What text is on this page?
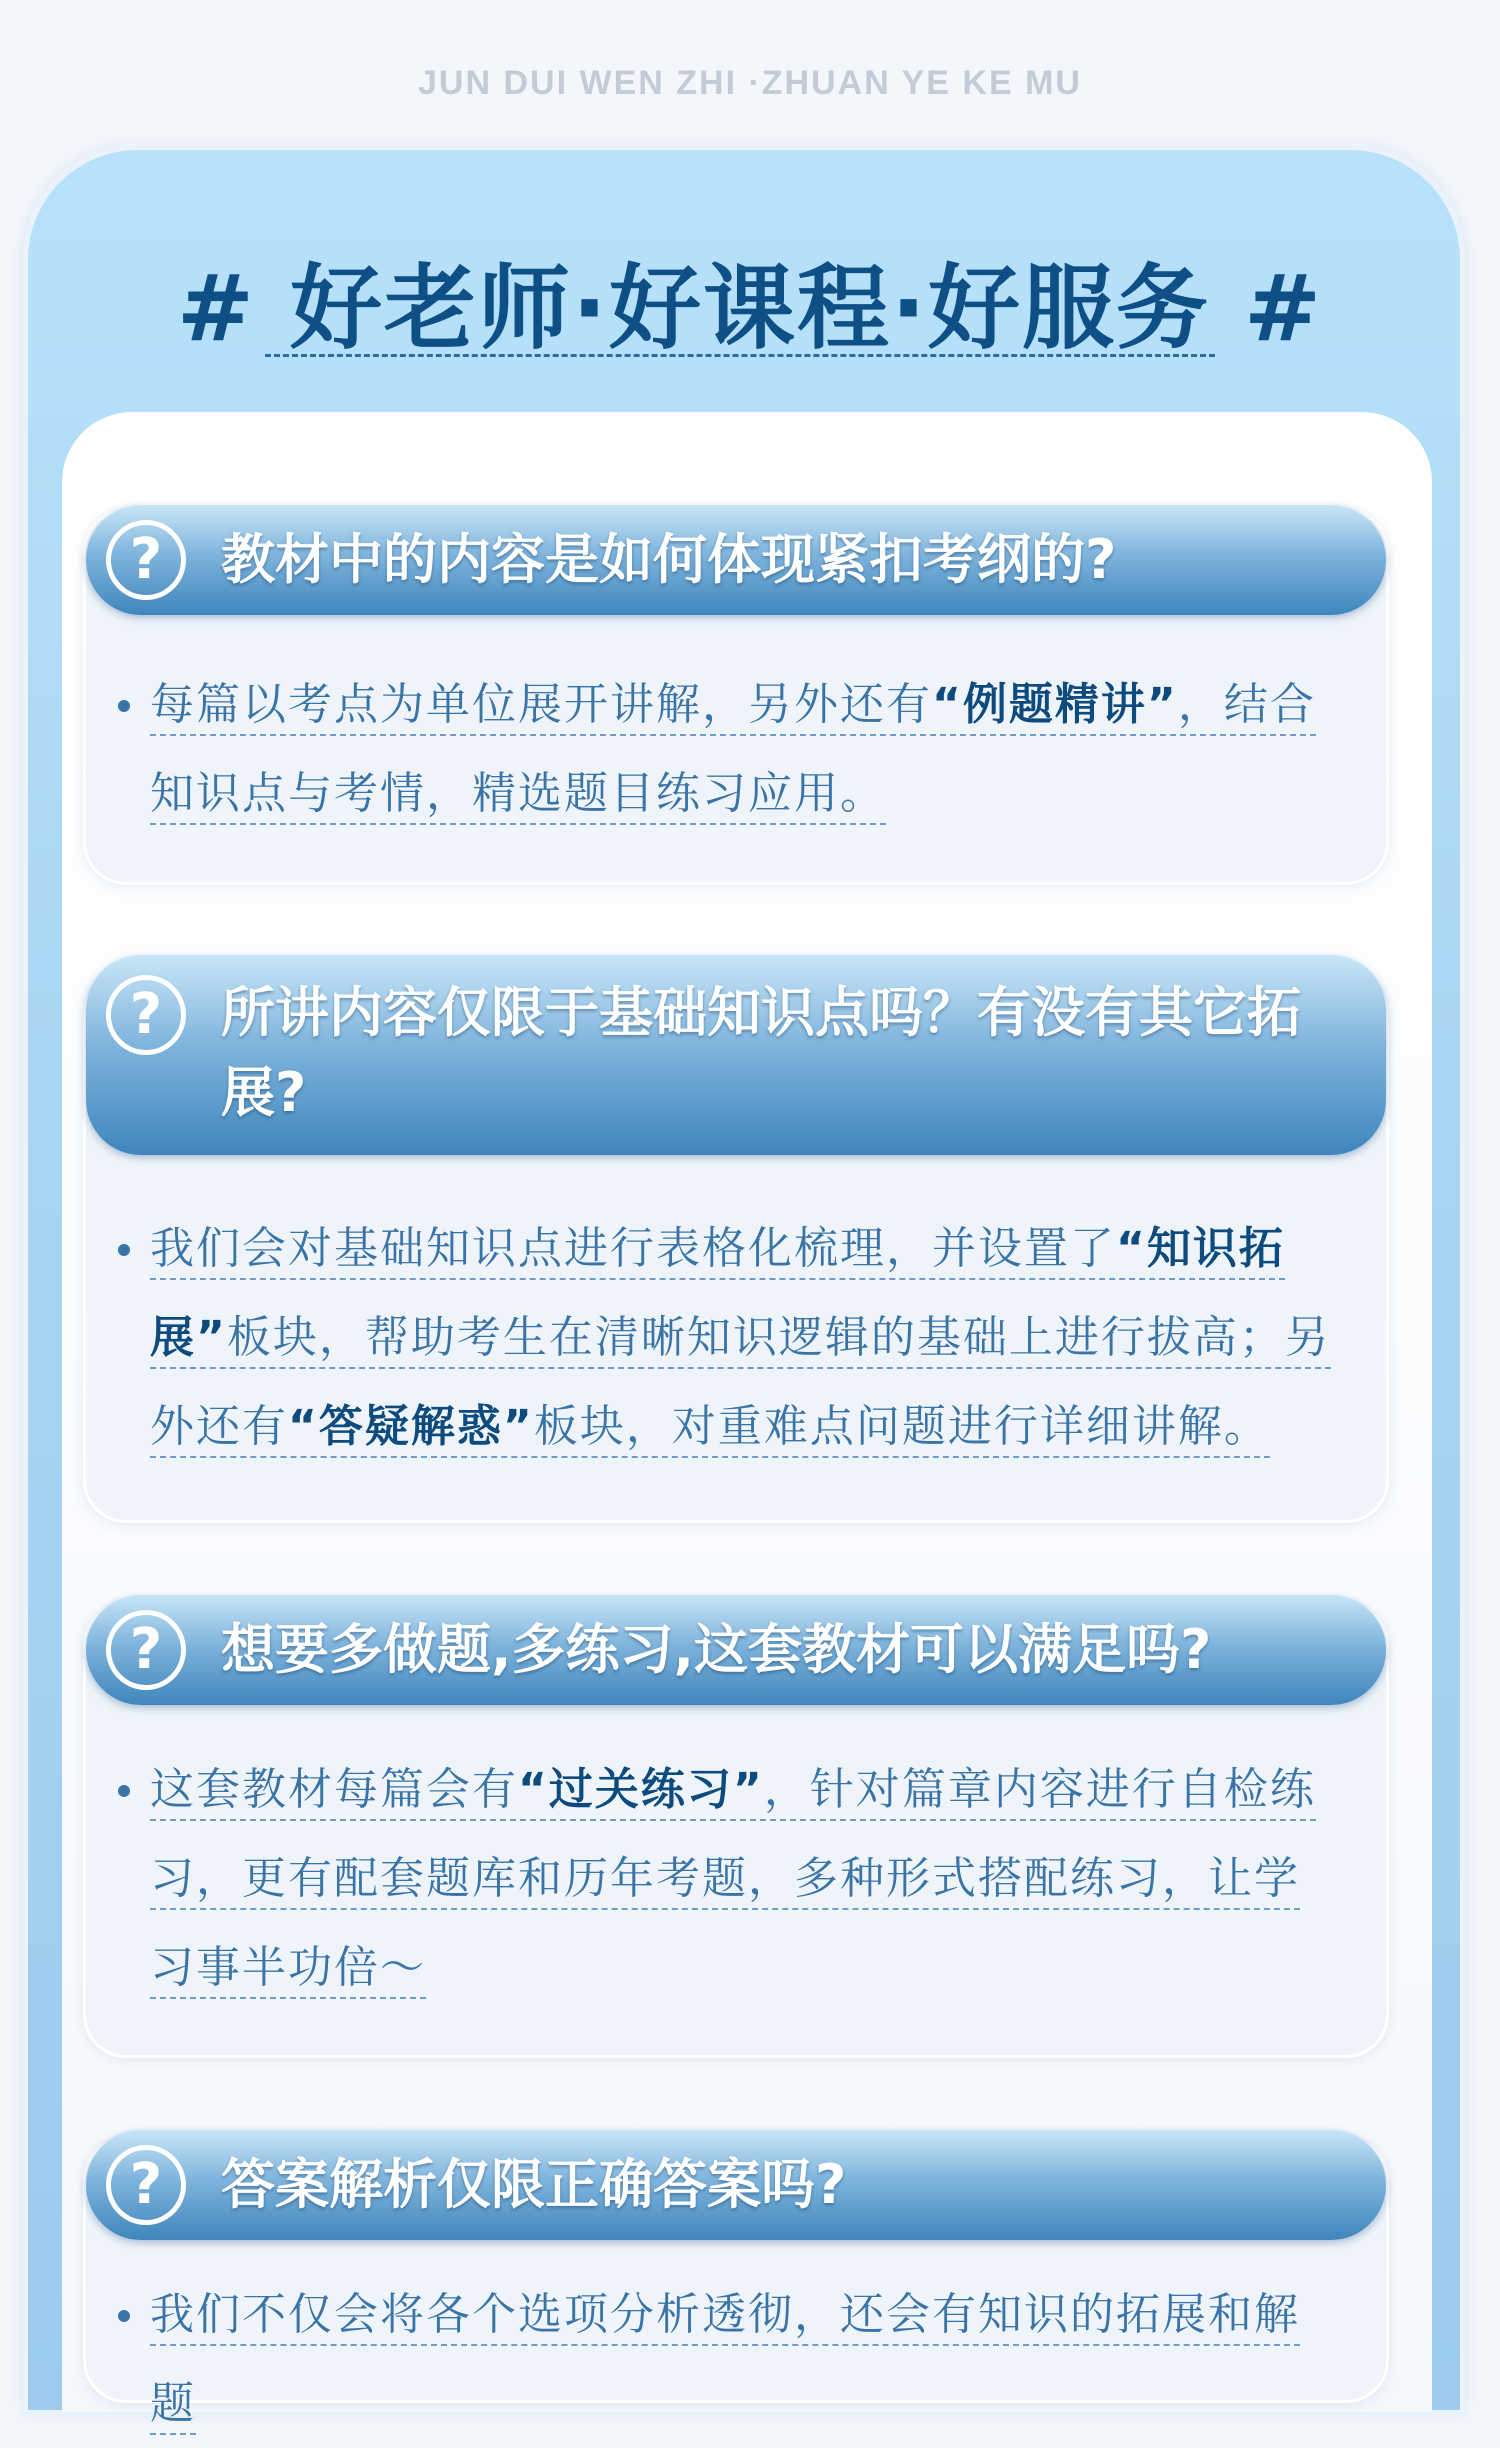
JUN DUI WEN ZHI ·ZHUAN YE KE MU
# 好老师·好课程·好服务 #
?	教材中的内容是如何体现紧扣考纲的?
每篇以考点为单位展开讲解，另外还有“例题精讲”，结合知识点与考情，精选题目练习应用。
?	所讲内容仅限于基础知识点吗？有没有其它拓展?
我们会对基础知识点进行表格化梳理，并设置了“知识拓展”板块，帮助考生在清晰知识逻辑的基础上进行拔高；另外还有“答疑解惑”板块，对重难点问题进行详细讲解。
?	想要多做题,多练习,这套教材可以满足吗?
这套教材每篇会有“过关练习”，针对篇章内容进行自检练习，更有配套题库和历年考题，多种形式搭配练习，让学习事半功倍～
?	答案解析仅限正确答案吗?
我们不仅会将各个选项分析透彻，还会有知识的拓展和解题
